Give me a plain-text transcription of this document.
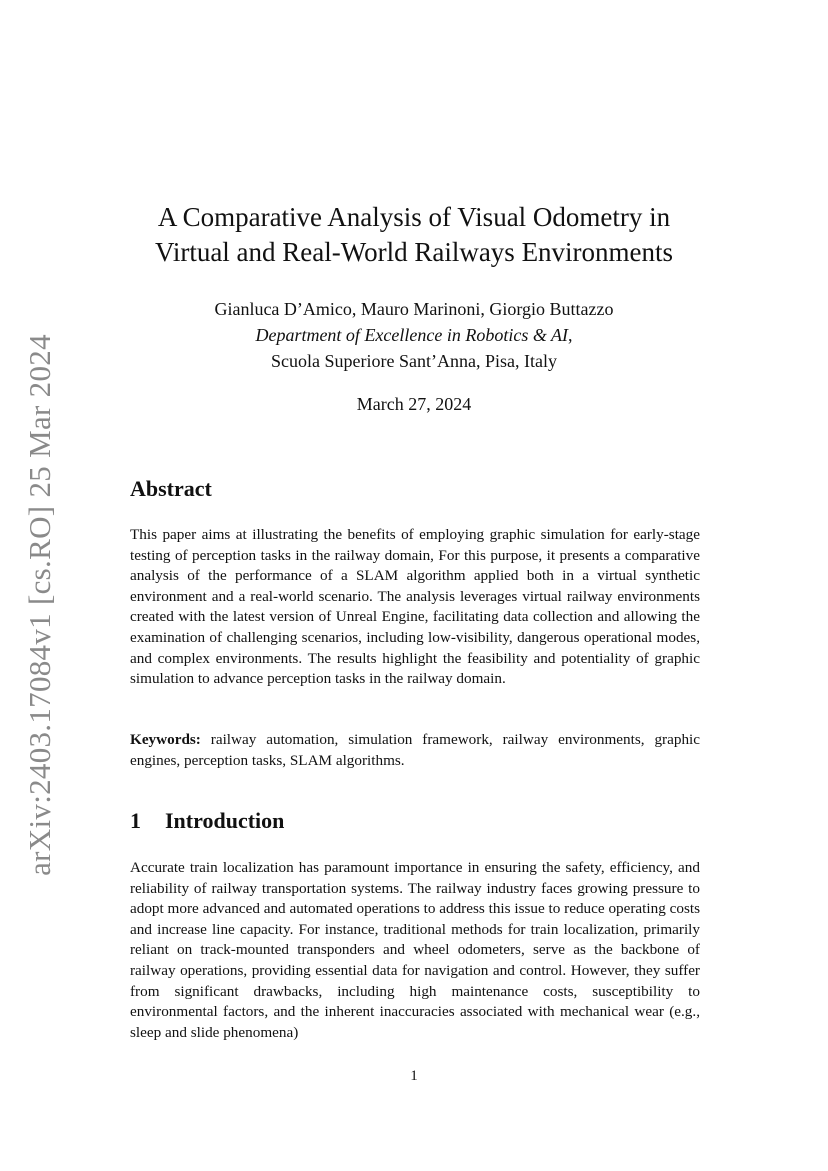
arXiv:2403.17084v1 [cs.RO] 25 Mar 2024
A Comparative Analysis of Visual Odometry in
Virtual and Real-World Railways Environments
Gianluca D’Amico, Mauro Marinoni, Giorgio Buttazzo
Department of Excellence in Robotics & AI,
Scuola Superiore Sant’Anna, Pisa, Italy
March 27, 2024
Abstract

This paper aims at illustrating the benefits of employing graphic simulation for early-stage testing of perception tasks in the railway domain, For this purpose, it presents a comparative analysis of the performance of a SLAM algorithm applied both in a virtual synthetic environment and a real-world scenario. The analysis leverages virtual railway environments created with the latest version of Unreal Engine, facilitating data collection and allowing the examination of challenging scenarios, including low-visibility, dangerous operational modes, and complex environments. The results highlight the feasibility and potentiality of graphic simulation to advance perception tasks in the railway domain.

Keywords: railway automation, simulation framework, railway environments, graphic engines, perception tasks, SLAM algorithms.

1 Introduction

Accurate train localization has paramount importance in ensuring the safety, efficiency, and reliability of railway transportation systems. The railway industry faces growing pressure to adopt more advanced and automated operations to address this issue to reduce operating costs and increase line capacity. For instance, traditional methods for train localization, primarily reliant on track-mounted transponders and wheel odometers, serve as the backbone of railway operations, providing essential data for navigation and control. However, they suffer from significant drawbacks, including high maintenance costs, susceptibility to environmental factors, and the inherent inaccuracies associated with mechanical wear (e.g., sleep and slide phenomena)

1
